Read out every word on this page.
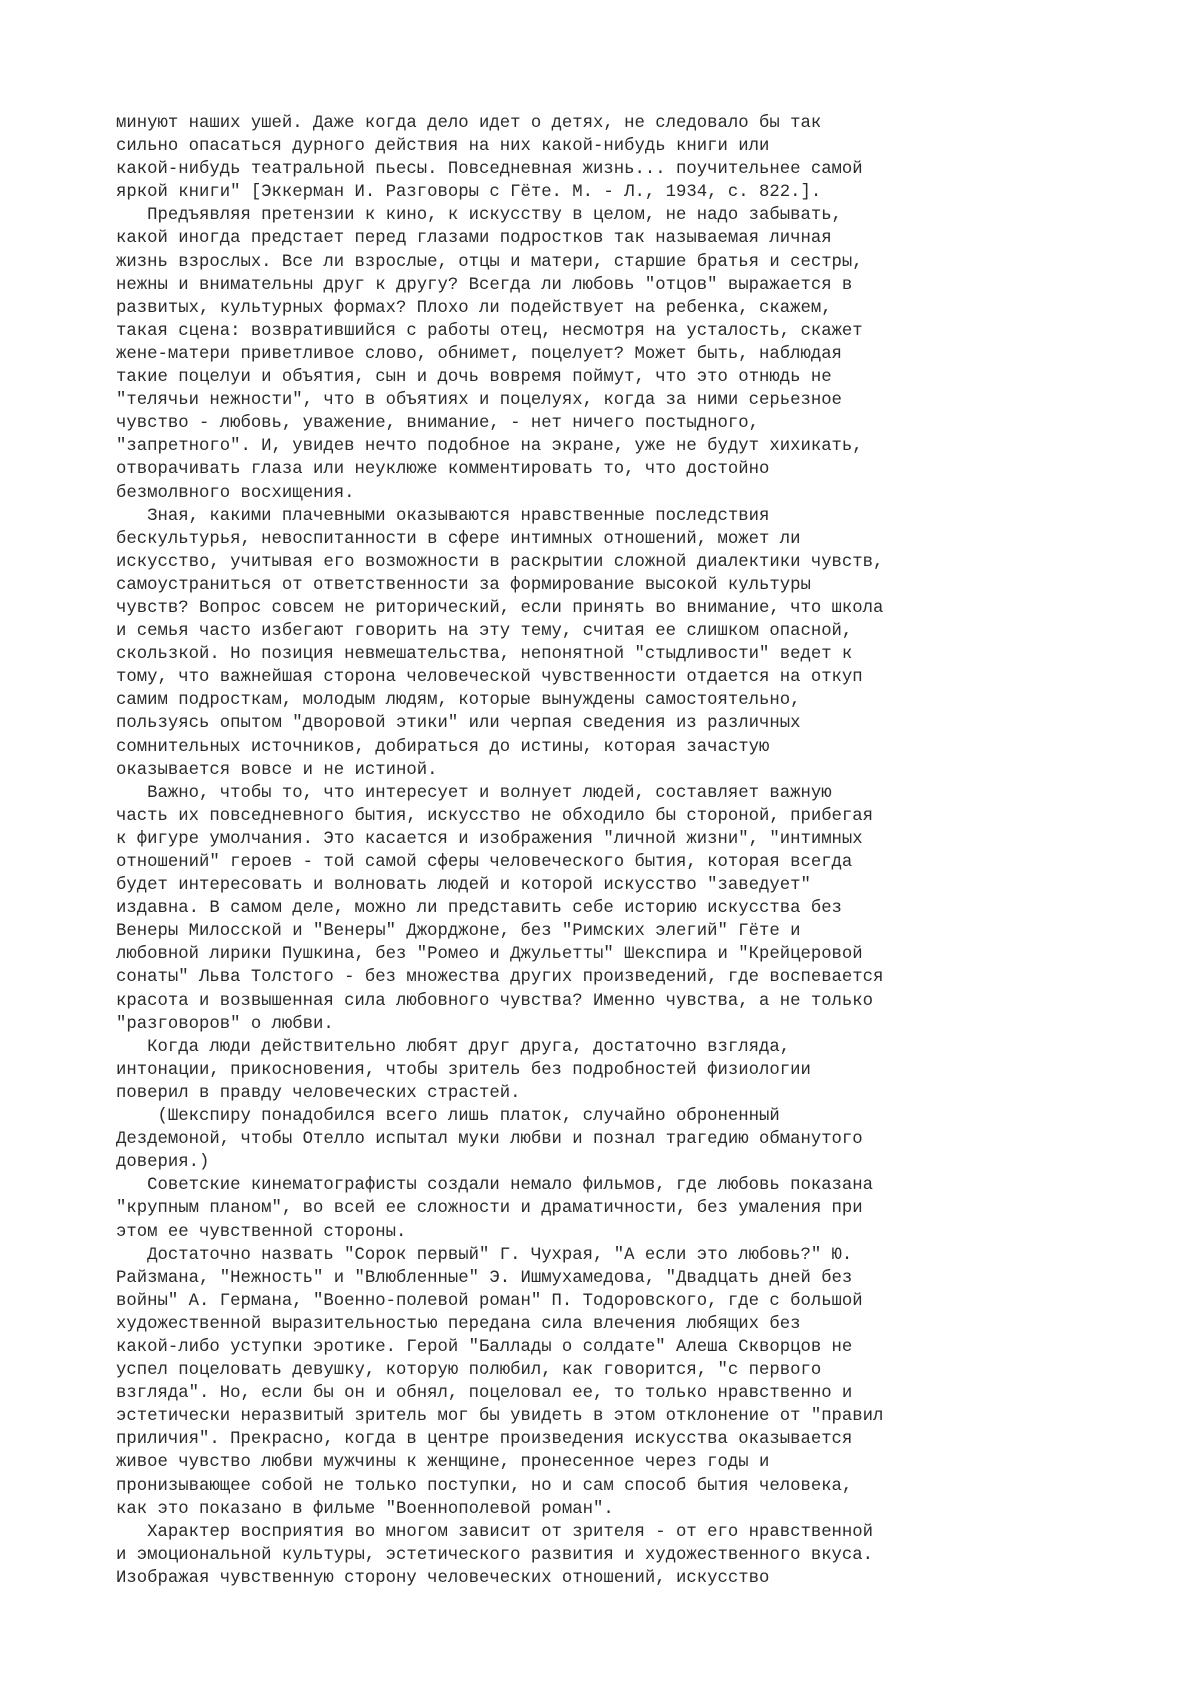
минуют наших ушей. Даже когда дело идет о детях, не следовало бы так
сильно опасаться дурного действия на них какой-нибудь книги или
какой-нибудь театральной пьесы. Повседневная жизнь... поучительнее самой
яркой книги" [Эккерман И. Разговоры с Гёте. М. - Л., 1934, с. 822.].
Предъявляя претензии к кино, к искусству в целом, не надо забывать,
какой иногда предстает перед глазами подростков так называемая личная
жизнь взрослых. Все ли взрослые, отцы и матери, старшие братья и сестры,
нежны и внимательны друг к другу? Всегда ли любовь "отцов" выражается в
развитых, культурных формах? Плохо ли подействует на ребенка, скажем,
такая сцена: возвратившийся с работы отец, несмотря на усталость, скажет
жене-матери приветливое слово, обнимет, поцелует? Может быть, наблюдая
такие поцелуи и объятия, сын и дочь вовремя поймут, что это отнюдь не
"телячьи нежности", что в объятиях и поцелуях, когда за ними серьезное
чувство - любовь, уважение, внимание, - нет ничего постыдного,
"запретного". И, увидев нечто подобное на экране, уже не будут хихикать,
отворачивать глаза или неуклюже комментировать то, что достойно
безмолвного восхищения.
Зная, какими плачевными оказываются нравственные последствия
бескультурья, невоспитанности в сфере интимных отношений, может ли
искусство, учитывая его возможности в раскрытии сложной диалектики чувств,
самоустраниться от ответственности за формирование высокой культуры
чувств? Вопрос совсем не риторический, если принять во внимание, что школа
и семья часто избегают говорить на эту тему, считая ее слишком опасной,
скользкой. Но позиция невмешательства, непонятной "стыдливости" ведет к
тому, что важнейшая сторона человеческой чувственности отдается на откуп
самим подросткам, молодым людям, которые вынуждены самостоятельно,
пользуясь опытом "дворовой этики" или черпая сведения из различных
сомнительных источников, добираться до истины, которая зачастую
оказывается вовсе и не истиной.
Важно, чтобы то, что интересует и волнует людей, составляет важную
часть их повседневного бытия, искусство не обходило бы стороной, прибегая
к фигуре умолчания. Это касается и изображения "личной жизни", "интимных
отношений" героев - той самой сферы человеческого бытия, которая всегда
будет интересовать и волновать людей и которой искусство "заведует"
издавна. В самом деле, можно ли представить себе историю искусства без
Венеры Милосской и "Венеры" Джорджоне, без "Римских элегий" Гёте и
любовной лирики Пушкина, без "Ромео и Джульетты" Шекспира и "Крейцеровой
сонаты" Льва Толстого - без множества других произведений, где воспевается
красота и возвышенная сила любовного чувства? Именно чувства, а не только
"разговоров" о любви.
Когда люди действительно любят друг друга, достаточно взгляда,
интонации, прикосновения, чтобы зритель без подробностей физиологии
поверил в правду человеческих страстей.
(Шекспиру понадобился всего лишь платок, случайно оброненный
Дездемоной, чтобы Отелло испытал муки любви и познал трагедию обманутого
доверия.)
Советские кинематографисты создали немало фильмов, где любовь показана
"крупным планом", во всей ее сложности и драматичности, без умаления при
этом ее чувственной стороны.
Достаточно назвать "Сорок первый" Г. Чухрая, "А если это любовь?" Ю.
Райзмана, "Нежность" и "Влюбленные" Э. Ишмухамедова, "Двадцать дней без
войны" А. Германа, "Военно-полевой роман" П. Тодоровского, где с большой
художественной выразительностью передана сила влечения любящих без
какой-либо уступки эротике. Герой "Баллады о солдате" Алеша Скворцов не
успел поцеловать девушку, которую полюбил, как говорится, "с первого
взгляда". Но, если бы он и обнял, поцеловал ее, то только нравственно и
эстетически неразвитый зритель мог бы увидеть в этом отклонение от "правил
приличия". Прекрасно, когда в центре произведения искусства оказывается
живое чувство любви мужчины к женщине, пронесенное через годы и
пронизывающее собой не только поступки, но и сам способ бытия человека,
как это показано в фильме "Военнополевой роман".
Характер восприятия во многом зависит от зрителя - от его нравственной
и эмоциональной культуры, эстетического развития и художественного вкуса.
Изображая чувственную сторону человеческих отношений, искусство
